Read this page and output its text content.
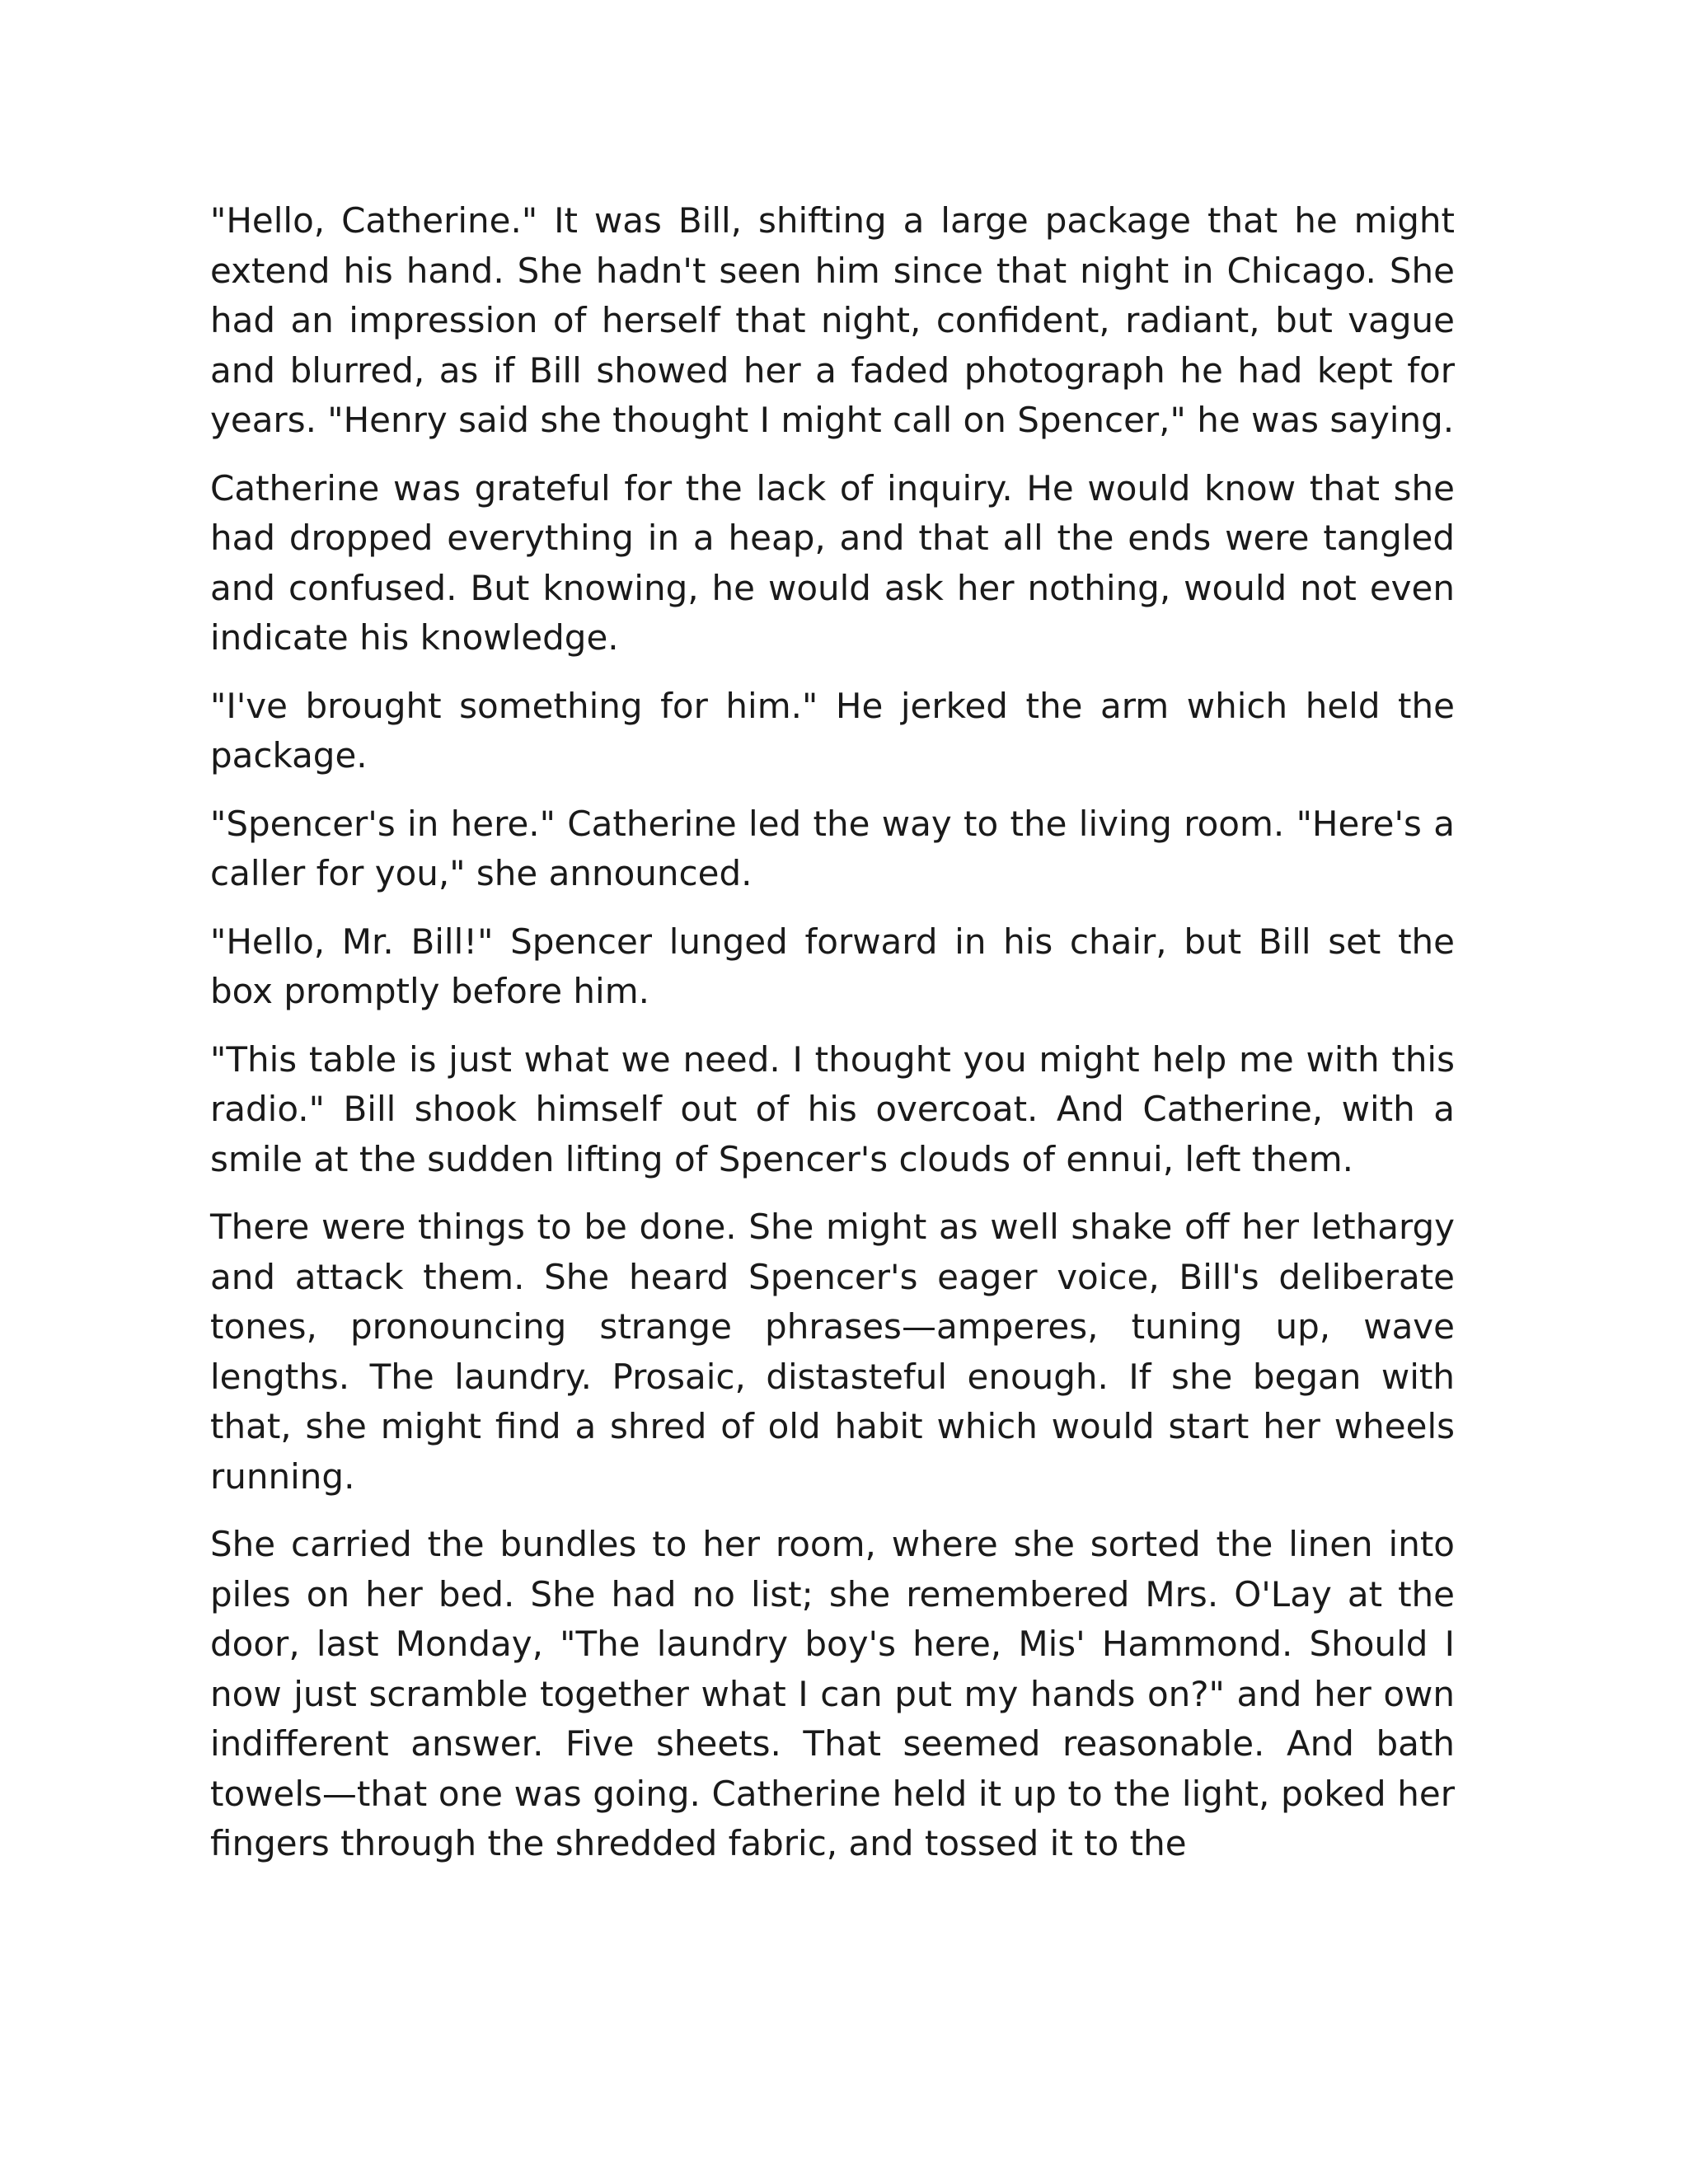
"Hello, Catherine." It was Bill, shifting a large package that he might extend his hand. She hadn't seen him since that night in Chicago. She had an impression of herself that night, confident, radiant, but vague and blurred, as if Bill showed her a faded photograph he had kept for years. "Henry said she thought I might call on Spencer," he was saying.

Catherine was grateful for the lack of inquiry. He would know that she had dropped everything in a heap, and that all the ends were tangled and confused. But knowing, he would ask her nothing, would not even indicate his knowledge.

"I've brought something for him." He jerked the arm which held the package.

"Spencer's in here." Catherine led the way to the living room. "Here's a caller for you," she announced.

"Hello, Mr. Bill!" Spencer lunged forward in his chair, but Bill set the box promptly before him.

"This table is just what we need. I thought you might help me with this radio." Bill shook himself out of his overcoat. And Catherine, with a smile at the sudden lifting of Spencer's clouds of ennui, left them.

There were things to be done. She might as well shake off her lethargy and attack them. She heard Spencer's eager voice, Bill's deliberate tones, pronouncing strange phrases—amperes, tuning up, wave lengths. The laundry. Prosaic, distasteful enough. If she began with that, she might find a shred of old habit which would start her wheels running.

She carried the bundles to her room, where she sorted the linen into piles on her bed. She had no list; she remembered Mrs. O'Lay at the door, last Monday, "The laundry boy's here, Mis' Hammond. Should I now just scramble together what I can put my hands on?" and her own indifferent answer. Five sheets. That seemed reasonable. And bath towels—that one was going. Catherine held it up to the light, poked her fingers through the shredded fabric, and tossed it to the
